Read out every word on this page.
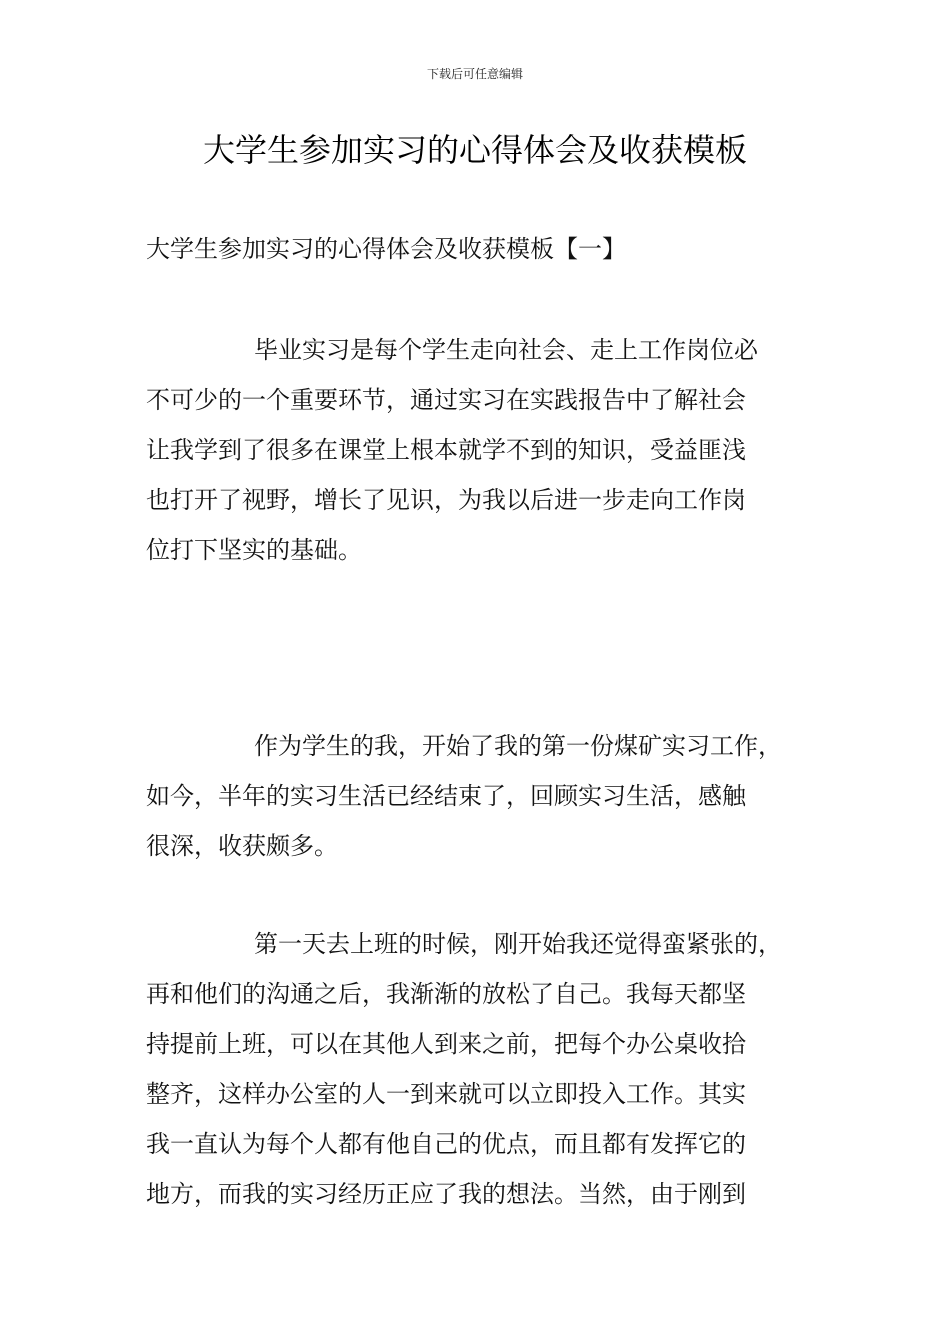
下载后可任意编辑
大学生参加实习的心得体会及收获模板
大学生参加实习的心得体会及收获模板【一】

毕业实习是每个学生走向社会、走上工作岗位必
不可少的一个重要环节，通过实习在实践报告中了解社会
让我学到了很多在课堂上根本就学不到的知识，受益匪浅
也打开了视野，增长了见识，为我以后进一步走向工作岗
位打下坚实的基础。

作为学生的我，开始了我的第一份煤矿实习工作，
如今，半年的实习生活已经结束了，回顾实习生活，感触
很深，收获颇多。

第一天去上班的时候，刚开始我还觉得蛮紧张的，
再和他们的沟通之后，我渐渐的放松了自己。我每天都坚
持提前上班，可以在其他人到来之前，把每个办公桌收拾
整齐，这样办公室的人一到来就可以立即投入工作。其实
我一直认为每个人都有他自己的优点，而且都有发挥它的
地方，而我的实习经历正应了我的想法。当然，由于刚到
